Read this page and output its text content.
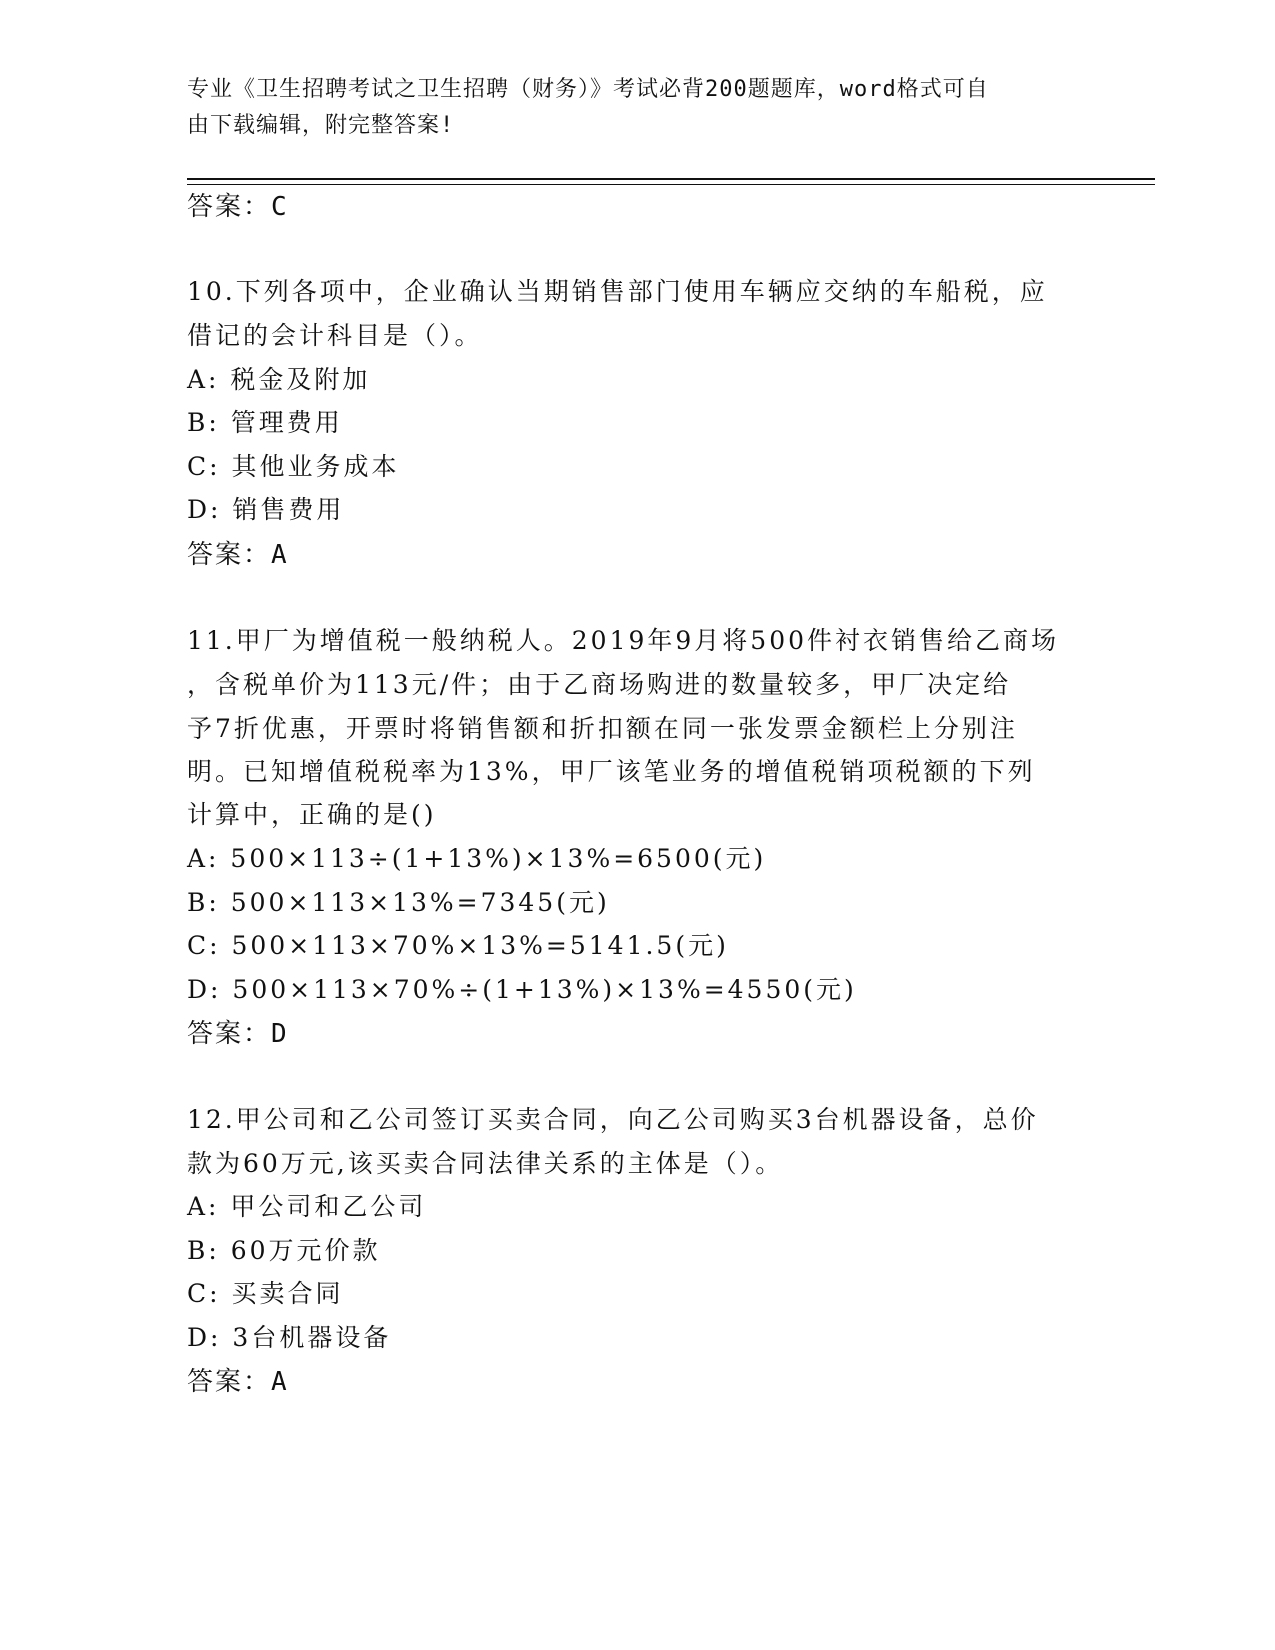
专业《卫生招聘考试之卫生招聘（财务）》考试必背200题题库，word格式可自
由下载编辑，附完整答案!
答案：C
10.下列各项中，企业确认当期销售部门使用车辆应交纳的车船税，应
借记的会计科目是（）。
A: 税金及附加
B: 管理费用
C: 其他业务成本
D: 销售费用
答案：A
11.甲厂为增值税一般纳税人。2019年9月将500件衬衣销售给乙商场
，含税单价为113元/件；由于乙商场购进的数量较多，甲厂决定给
予7折优惠，开票时将销售额和折扣额在同一张发票金额栏上分别注
明。已知增值税税率为13%，甲厂该笔业务的增值税销项税额的下列
计算中，正确的是()
A: 500×113÷(1+13%)×13%=6500(元)
B: 500×113×13%=7345(元)
C: 500×113×70%×13%=5141.5(元)
D: 500×113×70%÷(1+13%)×13%=4550(元)
答案：D
12.甲公司和乙公司签订买卖合同，向乙公司购买3台机器设备，总价
款为60万元,该买卖合同法律关系的主体是（）。
A: 甲公司和乙公司
B: 60万元价款
C: 买卖合同
D: 3台机器设备
答案：A
